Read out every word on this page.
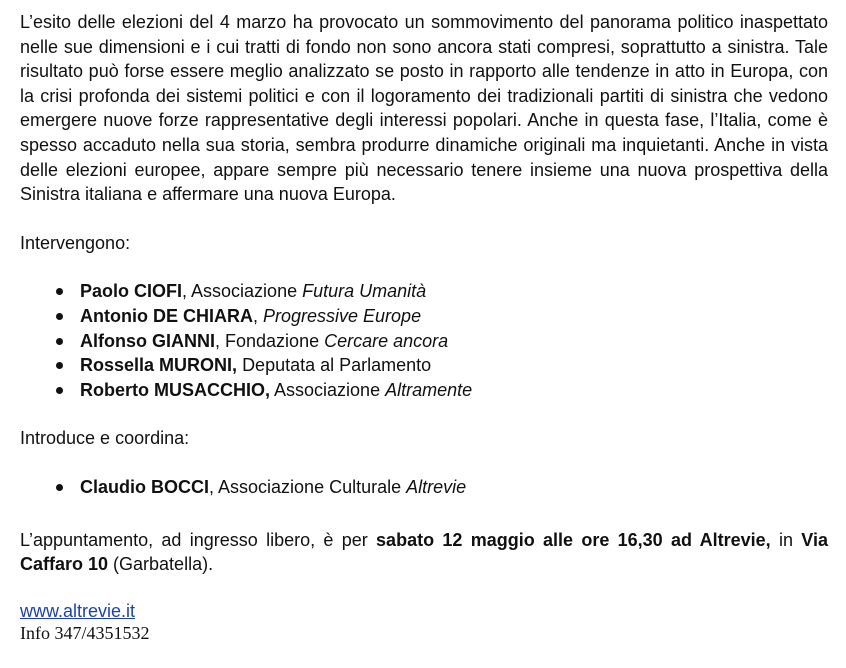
L’esito delle elezioni del 4 marzo ha provocato un sommovimento del panorama politico inaspettato nelle sue dimensioni e i cui tratti di fondo non sono ancora stati compresi, soprattutto a sinistra. Tale risultato può forse essere meglio analizzato se posto in rapporto alle tendenze in atto in Europa, con la crisi profonda dei sistemi politici e con il logoramento dei tradizionali partiti di sinistra che vedono emergere nuove forze rappresentative degli interessi popolari. Anche in questa fase, l’Italia, come è spesso accaduto nella sua storia, sembra produrre dinamiche originali ma inquietanti. Anche in vista delle elezioni europee, appare sempre più necessario tenere insieme una nuova prospettiva della Sinistra italiana e affermare una nuova Europa.

Intervengono:

Paolo CIOFI, Associazione Futura Umanità
Antonio DE CHIARA, Progressive Europe
Alfonso GIANNI, Fondazione Cercare ancora
Rossella MURONI, Deputata al Parlamento
Roberto MUSACCHIO, Associazione Altramente

Introduce e coordina:

Claudio BOCCI, Associazione Culturale Altrevie

L’appuntamento, ad ingresso libero, è per sabato 12 maggio alle ore 16,30 ad Altrevie, in Via Caffaro 10 (Garbatella).

www.altrevie.it

Info 347/4351532
